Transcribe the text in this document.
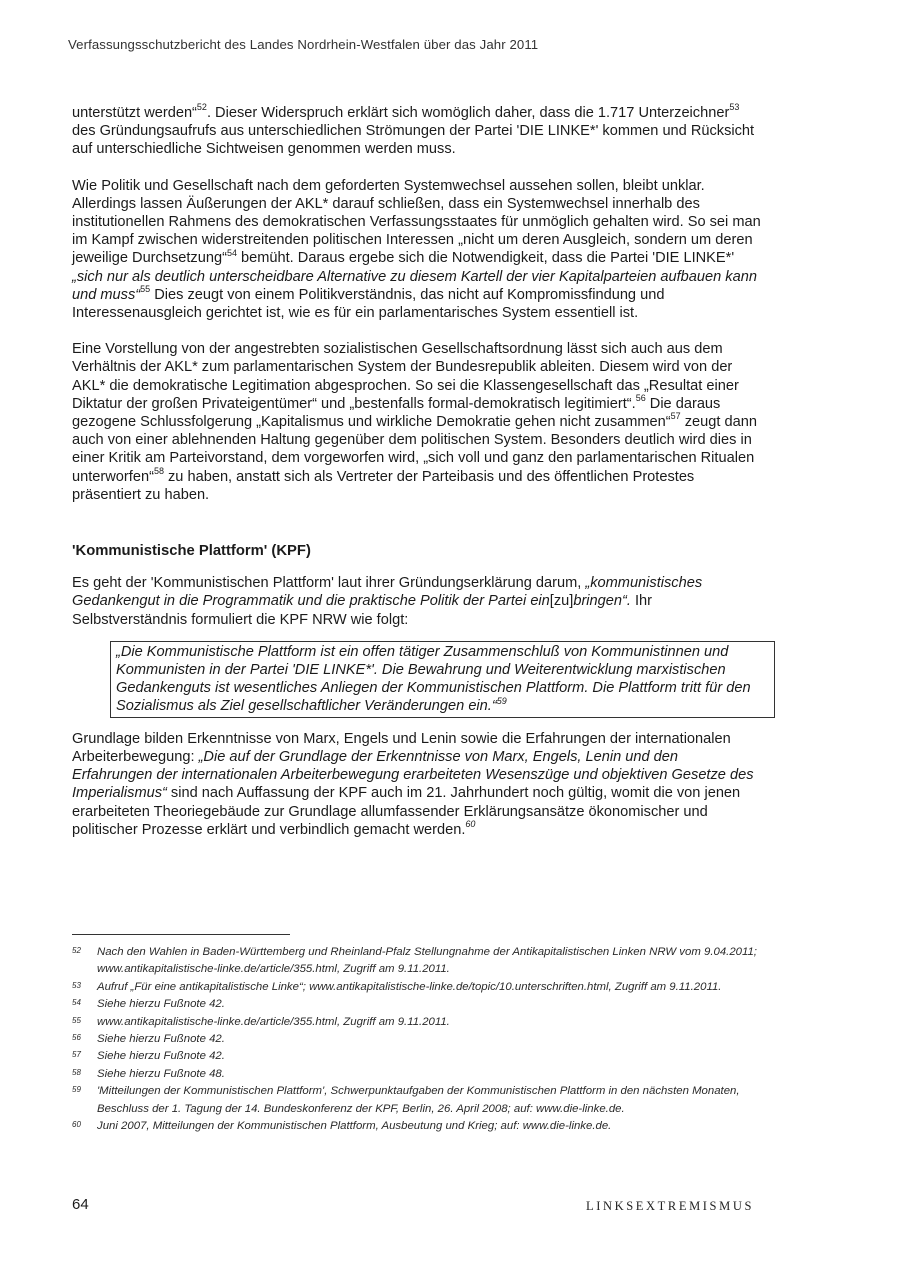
Verfassungsschutzbericht des Landes Nordrhein-Westfalen über das Jahr 2011

unterstützt werden“$^{52}$. Dieser Widerspruch erklärt sich womöglich daher, dass die 1.717 Unterzeichner$^{53}$ des Gründungsaufrufs aus unterschiedlichen Strömungen der Partei 'DIE LINKE*' kommen und Rücksicht auf unterschiedliche Sichtweisen genommen werden muss.

Wie Politik und Gesellschaft nach dem geforderten Systemwechsel aussehen sollen, bleibt unklar. Allerdings lassen Äußerungen der AKL* darauf schließen, dass ein Systemwechsel innerhalb des institutionellen Rahmens des demokratischen Verfassungsstaates für unmöglich gehalten wird. So sei man im Kampf zwischen widerstreitenden politischen Interessen „nicht um deren Ausgleich, sondern um deren jeweilige Durchsetzung“$^{54}$ bemüht. Daraus ergebe sich die Notwendigkeit, dass die Partei 'DIE LINKE*' „sich nur als deutlich unterscheidbare Alternative zu diesem Kartell der vier Kapitalparteien aufbauen kann und muss“$^{55}$ Dies zeugt von einem Politikverständnis, das nicht auf Kompromissfindung und Interessenausgleich gerichtet ist, wie es für ein parlamentarisches System essentiell ist.

Eine Vorstellung von der angestrebten sozialistischen Gesellschaftsordnung lässt sich auch aus dem Verhältnis der AKL* zum parlamentarischen System der Bundesrepublik ableiten. Diesem wird von der AKL* die demokratische Legitimation abgesprochen. So sei die Klassengesellschaft das „Resultat einer Diktatur der großen Privateigentümer“ und „bestenfalls formal-demokratisch legitimiert“.$^{56}$ Die daraus gezogene Schlussfolgerung „Kapitalismus und wirkliche Demokratie gehen nicht zusammen“$^{57}$ zeugt dann auch von einer ablehnenden Haltung gegenüber dem politischen System. Besonders deutlich wird dies in einer Kritik am Parteivorstand, dem vorgeworfen wird, „sich voll und ganz den parlamentarischen Ritualen unterworfen“$^{58}$ zu haben, anstatt sich als Vertreter der Parteibasis und des öffentlichen Protestes präsentiert zu haben.

'Kommunistische Plattform' (KPF)

Es geht der 'Kommunistischen Plattform' laut ihrer Gründungserklärung darum, „kommunistisches Gedankengut in die Programmatik und die praktische Politik der Partei ein[zu]bringen“. Ihr Selbstverständnis formuliert die KPF NRW wie folgt:

„Die Kommunistische Plattform ist ein offen tätiger Zusammenschluß von Kommunistinnen und Kommunisten in der Partei 'DIE LINKE*'. Die Bewahrung und Weiterentwicklung marxistischen Gedankenguts ist wesentliches Anliegen der Kommunistischen Plattform. Die Plattform tritt für den Sozialismus als Ziel gesellschaftlicher Veränderungen ein.“$^{59}$

Grundlage bilden Erkenntnisse von Marx, Engels und Lenin sowie die Erfahrungen der internationalen Arbeiterbewegung: „Die auf der Grundlage der Erkenntnisse von Marx, Engels, Lenin und den Erfahrungen der internationalen Arbeiterbewegung erarbeiteten Wesenszüge und objektiven Gesetze des Imperialismus“ sind nach Auffassung der KPF auch im 21. Jahrhundert noch gültig, womit die von jenen erarbeiteten Theoriegebäude zur Grundlage allumfassender Erklärungsansätze ökonomischer und politischer Prozesse erklärt und verbindlich gemacht werden.$^{60}$

52	Nach den Wahlen in Baden-Württemberg und Rheinland-Pfalz Stellungnahme der Antikapitalistischen Linken NRW vom 9.04.2011; www.antikapitalistische-linke.de/article/355.html, Zugriff am 9.11.2011.
53	Aufruf „Für eine antikapitalistische Linke“; www.antikapitalistische-linke.de/topic/10.unterschriften.html, Zugriff am 9.11.2011.
54	Siehe hierzu Fußnote 42.
55	www.antikapitalistische-linke.de/article/355.html, Zugriff am 9.11.2011.
56	Siehe hierzu Fußnote 42.
57	Siehe hierzu Fußnote 42.
58	Siehe hierzu Fußnote 48.
59	'Mitteilungen der Kommunistischen Plattform', Schwerpunktaufgaben der Kommunistischen Plattform in den nächsten Monaten, Beschluss der 1. Tagung der 14. Bundeskonferenz der KPF, Berlin, 26. April 2008; auf: www.die-linke.de.
60	Juni 2007, Mitteilungen der Kommunistischen Plattform, Ausbeutung und Krieg; auf: www.die-linke.de.
64	LINKSEXTREMISMUS
